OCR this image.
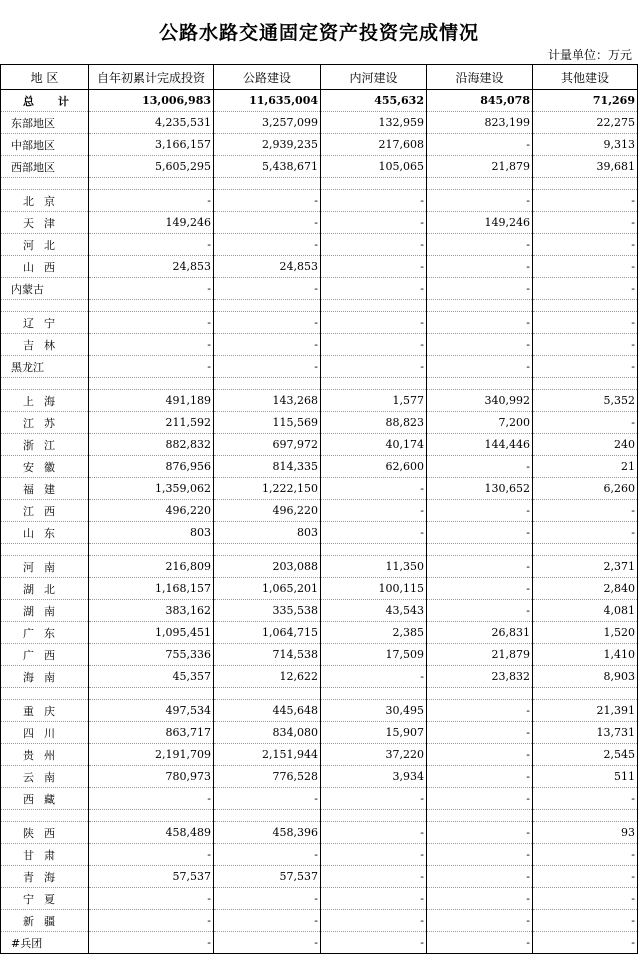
公路水路交通固定资产投资完成情况
计量单位：万元
地 区	自年初累计完成投资	公路建设	内河建设	沿海建设	其他建设
总 计	13,006,983	11,635,004	455,632	845,078	71,269
东部地区	4,235,531	3,257,099	132,959	823,199	22,275
中部地区	3,166,157	2,939,235	217,608	-	9,313
西部地区	5,605,295	5,438,671	105,065	21,879	39,681

北京	-	-	-	-	-
天津	149,246	-	-	149,246	-
河北	-	-	-	-	-
山西	24,853	24,853	-	-	-
内蒙古	-	-	-	-	-

辽宁	-	-	-	-	-
吉林	-	-	-	-	-
黑龙江	-	-	-	-	-

上海	491,189	143,268	1,577	340,992	5,352
江苏	211,592	115,569	88,823	7,200	-
浙江	882,832	697,972	40,174	144,446	240
安徽	876,956	814,335	62,600	-	21
福建	1,359,062	1,222,150	-	130,652	6,260
江西	496,220	496,220	-	-	-
山东	803	803	-	-	-

河南	216,809	203,088	11,350	-	2,371
湖北	1,168,157	1,065,201	100,115	-	2,840
湖南	383,162	335,538	43,543	-	4,081
广东	1,095,451	1,064,715	2,385	26,831	1,520
广西	755,336	714,538	17,509	21,879	1,410
海南	45,357	12,622	-	23,832	8,903

重庆	497,534	445,648	30,495	-	21,391
四川	863,717	834,080	15,907	-	13,731
贵州	2,191,709	2,151,944	37,220	-	2,545
云南	780,973	776,528	3,934	-	511
西藏	-	-	-	-	-

陕西	458,489	458,396	-	-	93
甘肃	-	-	-	-	-
青海	57,537	57,537	-	-	-
宁夏	-	-	-	-	-
新疆	-	-	-	-	-
#兵团	-	-	-	-	-
